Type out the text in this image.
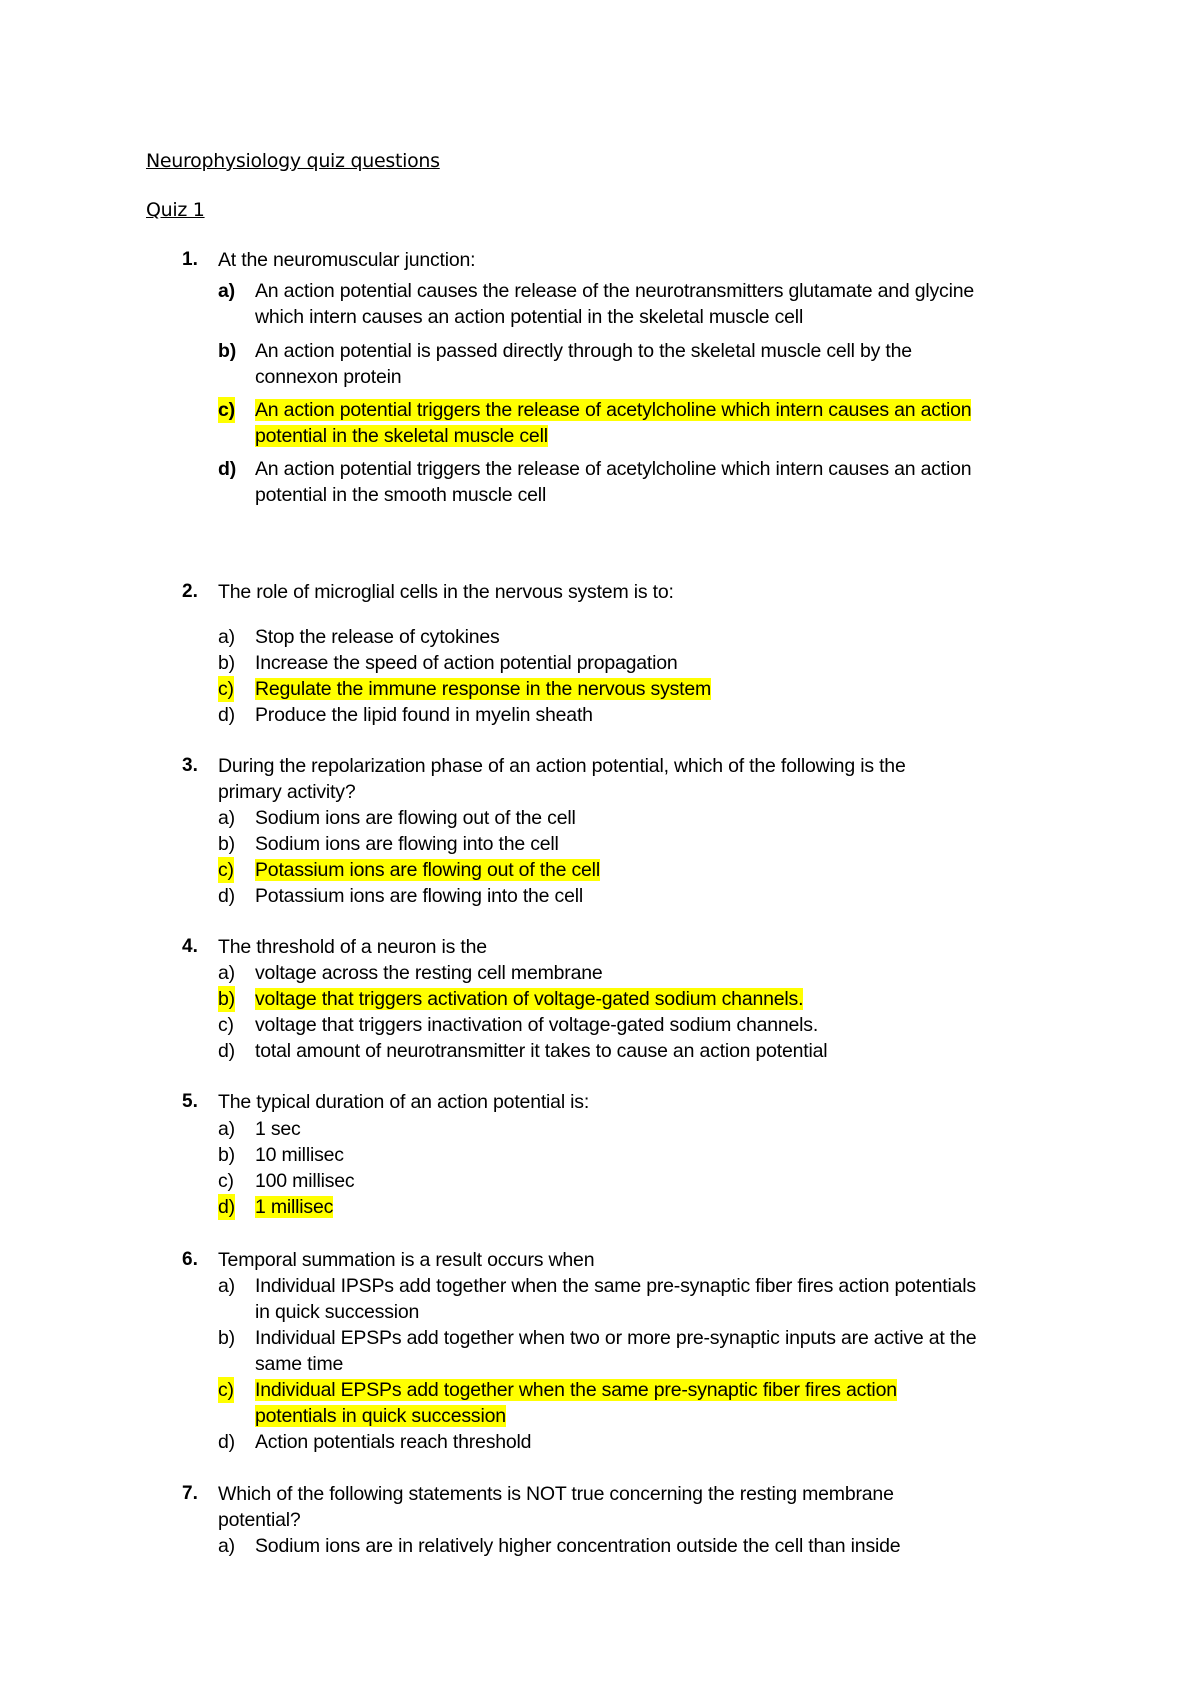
Neurophysiology quiz questions
Quiz 1
1. At the neuromuscular junction:
a) An action potential causes the release of the neurotransmitters glutamate and glycine
which intern causes an action potential in the skeletal muscle cell
b) An action potential is passed directly through to the skeletal muscle cell by the
connexon protein
c) An action potential triggers the release of acetylcholine which intern causes an action
potential in the skeletal muscle cell
d) An action potential triggers the release of acetylcholine which intern causes an action
potential in the smooth muscle cell
2. The role of microglial cells in the nervous system is to:
a) Stop the release of cytokines
b) Increase the speed of action potential propagation
c) Regulate the immune response in the nervous system
d) Produce the lipid found in myelin sheath
3. During the repolarization phase of an action potential, which of the following is the
primary activity?
a) Sodium ions are flowing out of the cell
b) Sodium ions are flowing into the cell
c) Potassium ions are flowing out of the cell
d) Potassium ions are flowing into the cell
4. The threshold of a neuron is the
a) voltage across the resting cell membrane
b) voltage that triggers activation of voltage-gated sodium channels.
c) voltage that triggers inactivation of voltage-gated sodium channels.
d) total amount of neurotransmitter it takes to cause an action potential
5. The typical duration of an action potential is:
a) 1 sec
b) 10 millisec
c) 100 millisec
d) 1 millisec
6. Temporal summation is a result occurs when
a) Individual IPSPs add together when the same pre-synaptic fiber fires action potentials
in quick succession
b) Individual EPSPs add together when two or more pre-synaptic inputs are active at the
same time
c) Individual EPSPs add together when the same pre-synaptic fiber fires action
potentials in quick succession
d) Action potentials reach threshold
7. Which of the following statements is NOT true concerning the resting membrane
potential?
a) Sodium ions are in relatively higher concentration outside the cell than inside
